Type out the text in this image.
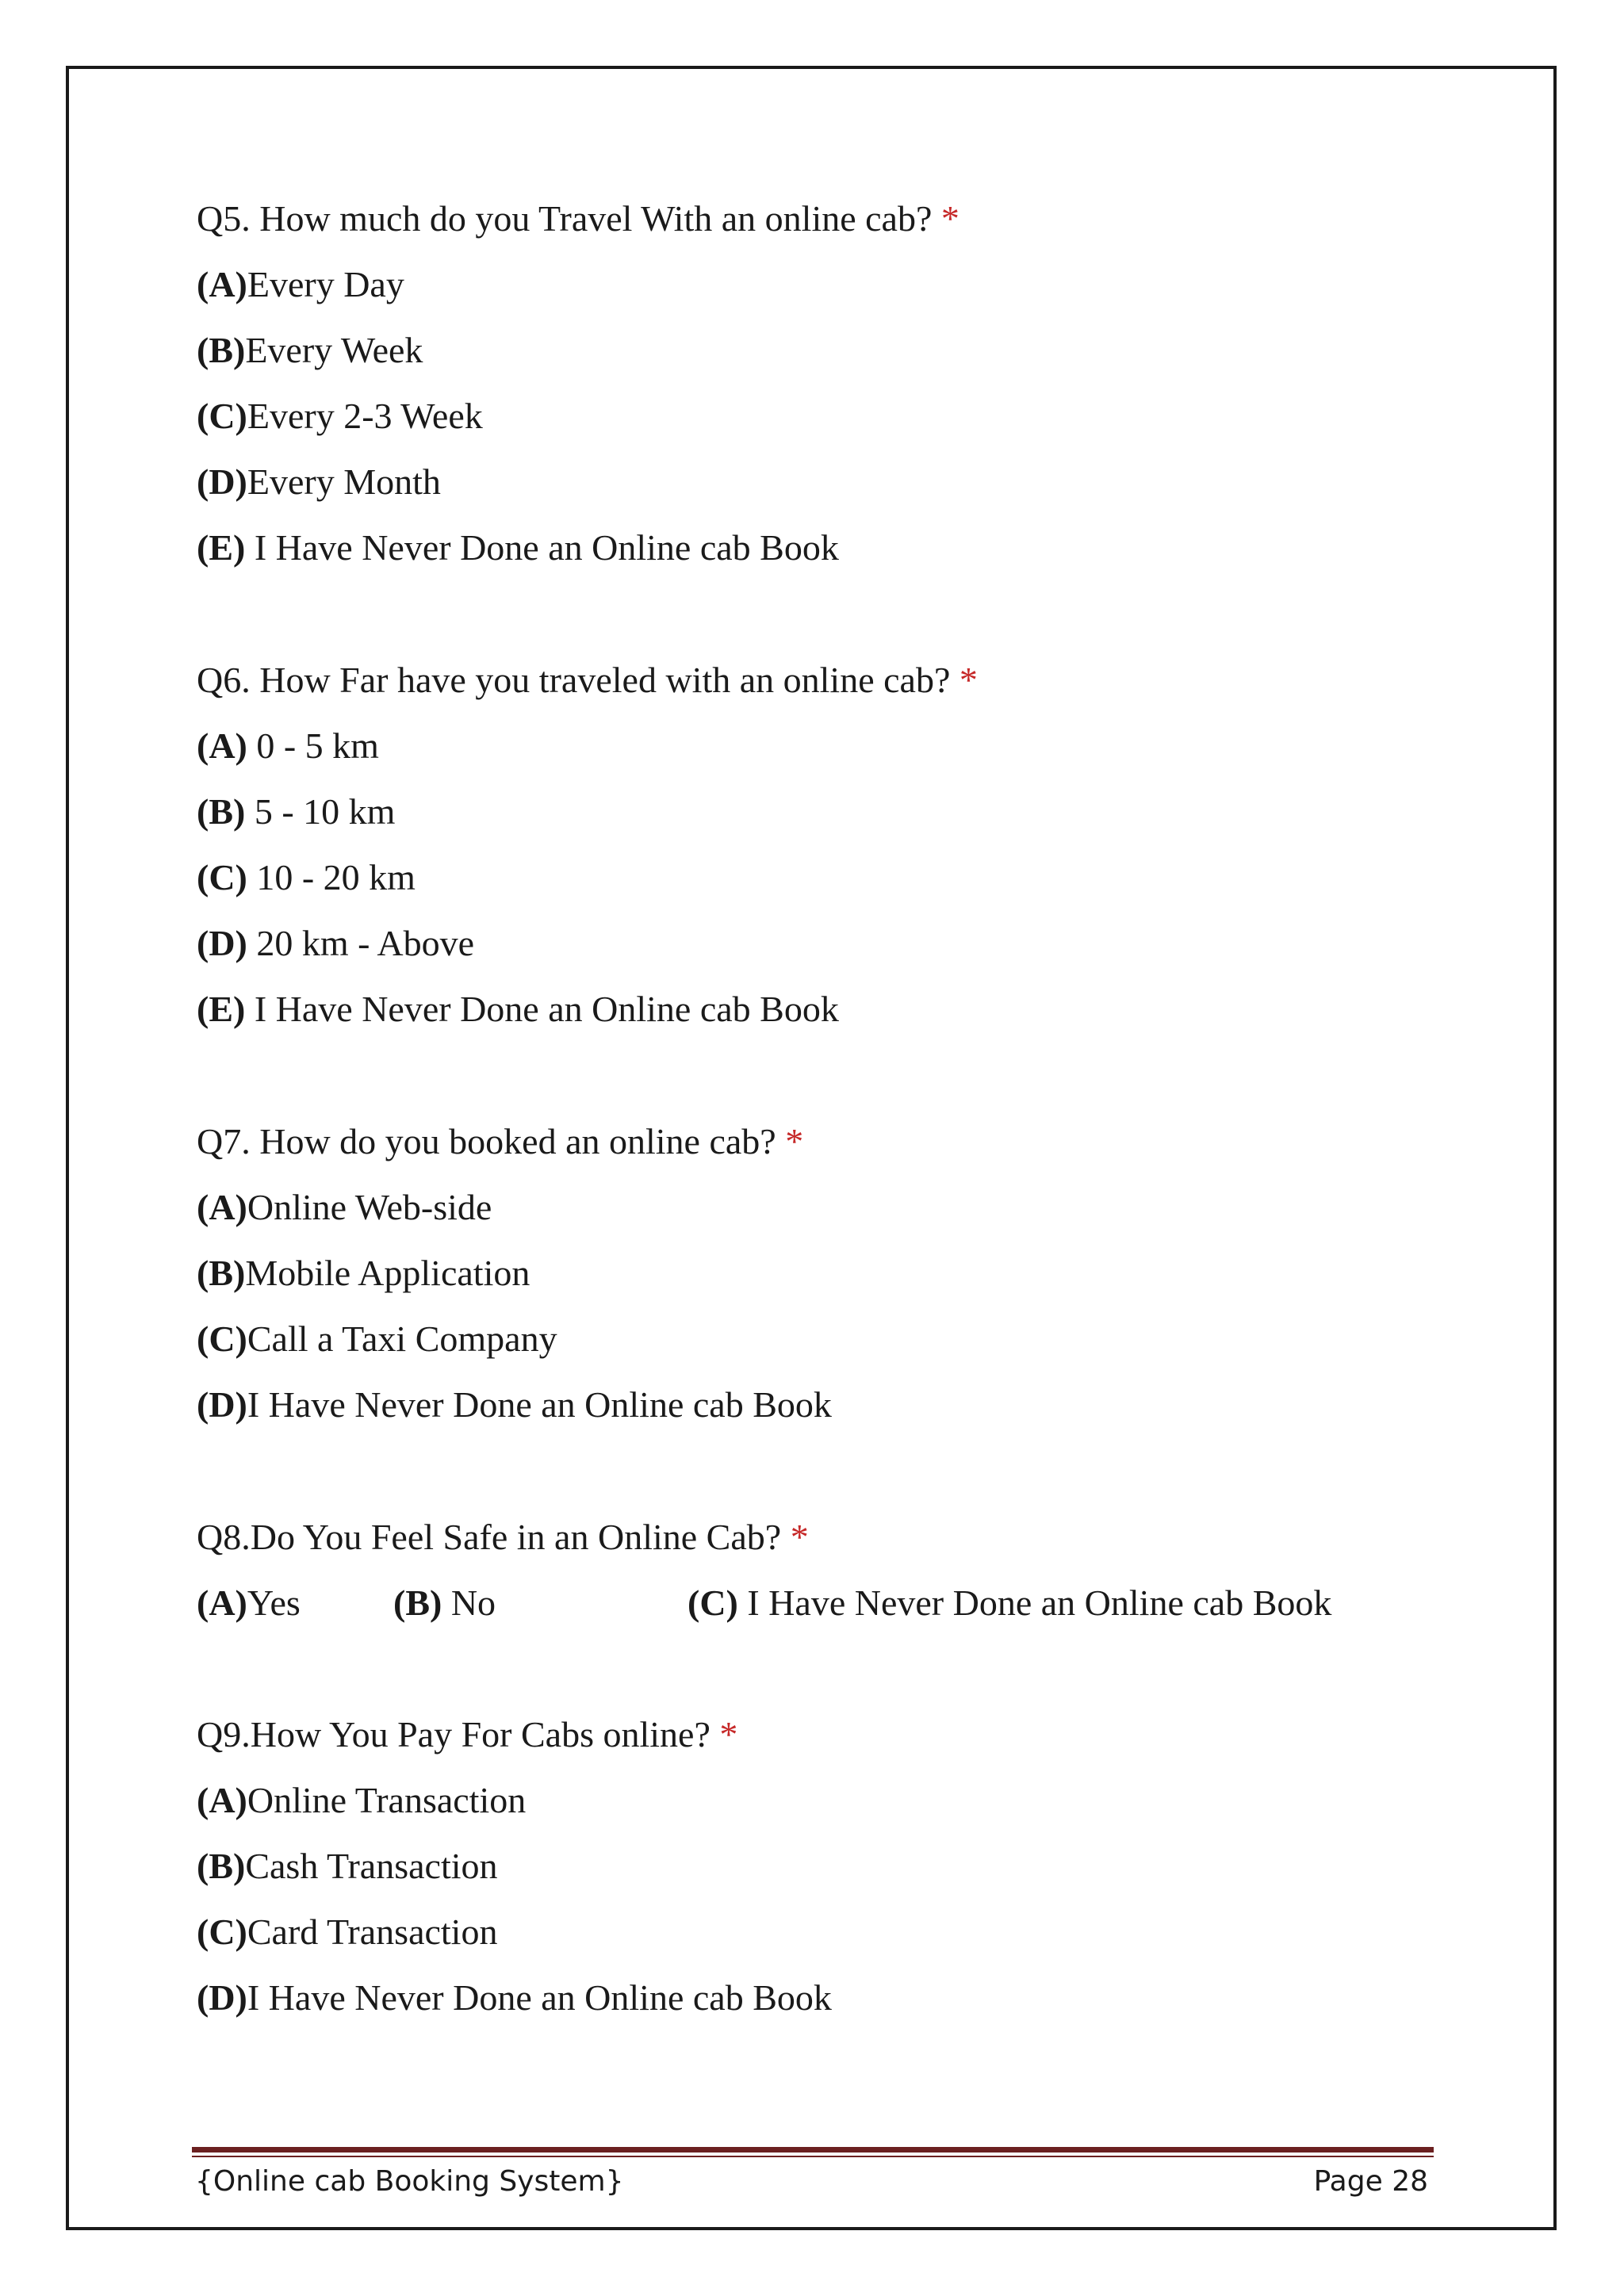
Q5. How much do you Travel With an online cab? *

(A)Every Day

(B)Every Week

(C)Every 2-3 Week

(D)Every Month

(E) I Have Never Done an Online cab Book

Q6. How Far have you traveled with an online cab? *

(A) 0 - 5 km

(B) 5 - 10 km

(C) 10 - 20 km

(D) 20 km - Above

(E) I Have Never Done an Online cab Book

Q7. How do you booked an online cab? *

(A)Online Web-side

(B)Mobile Application

(C)Call a Taxi Company

(D)I Have Never Done an Online cab Book

Q8.Do You Feel Safe in an Online Cab? *

(A)Yes	(B) No	(C) I Have Never Done an Online cab Book

Q9.How You Pay For Cabs online? *

(A)Online Transaction

(B)Cash Transaction

(C)Card Transaction

(D)I Have Never Done an Online cab Book

{Online cab Booking System}	Page 28
